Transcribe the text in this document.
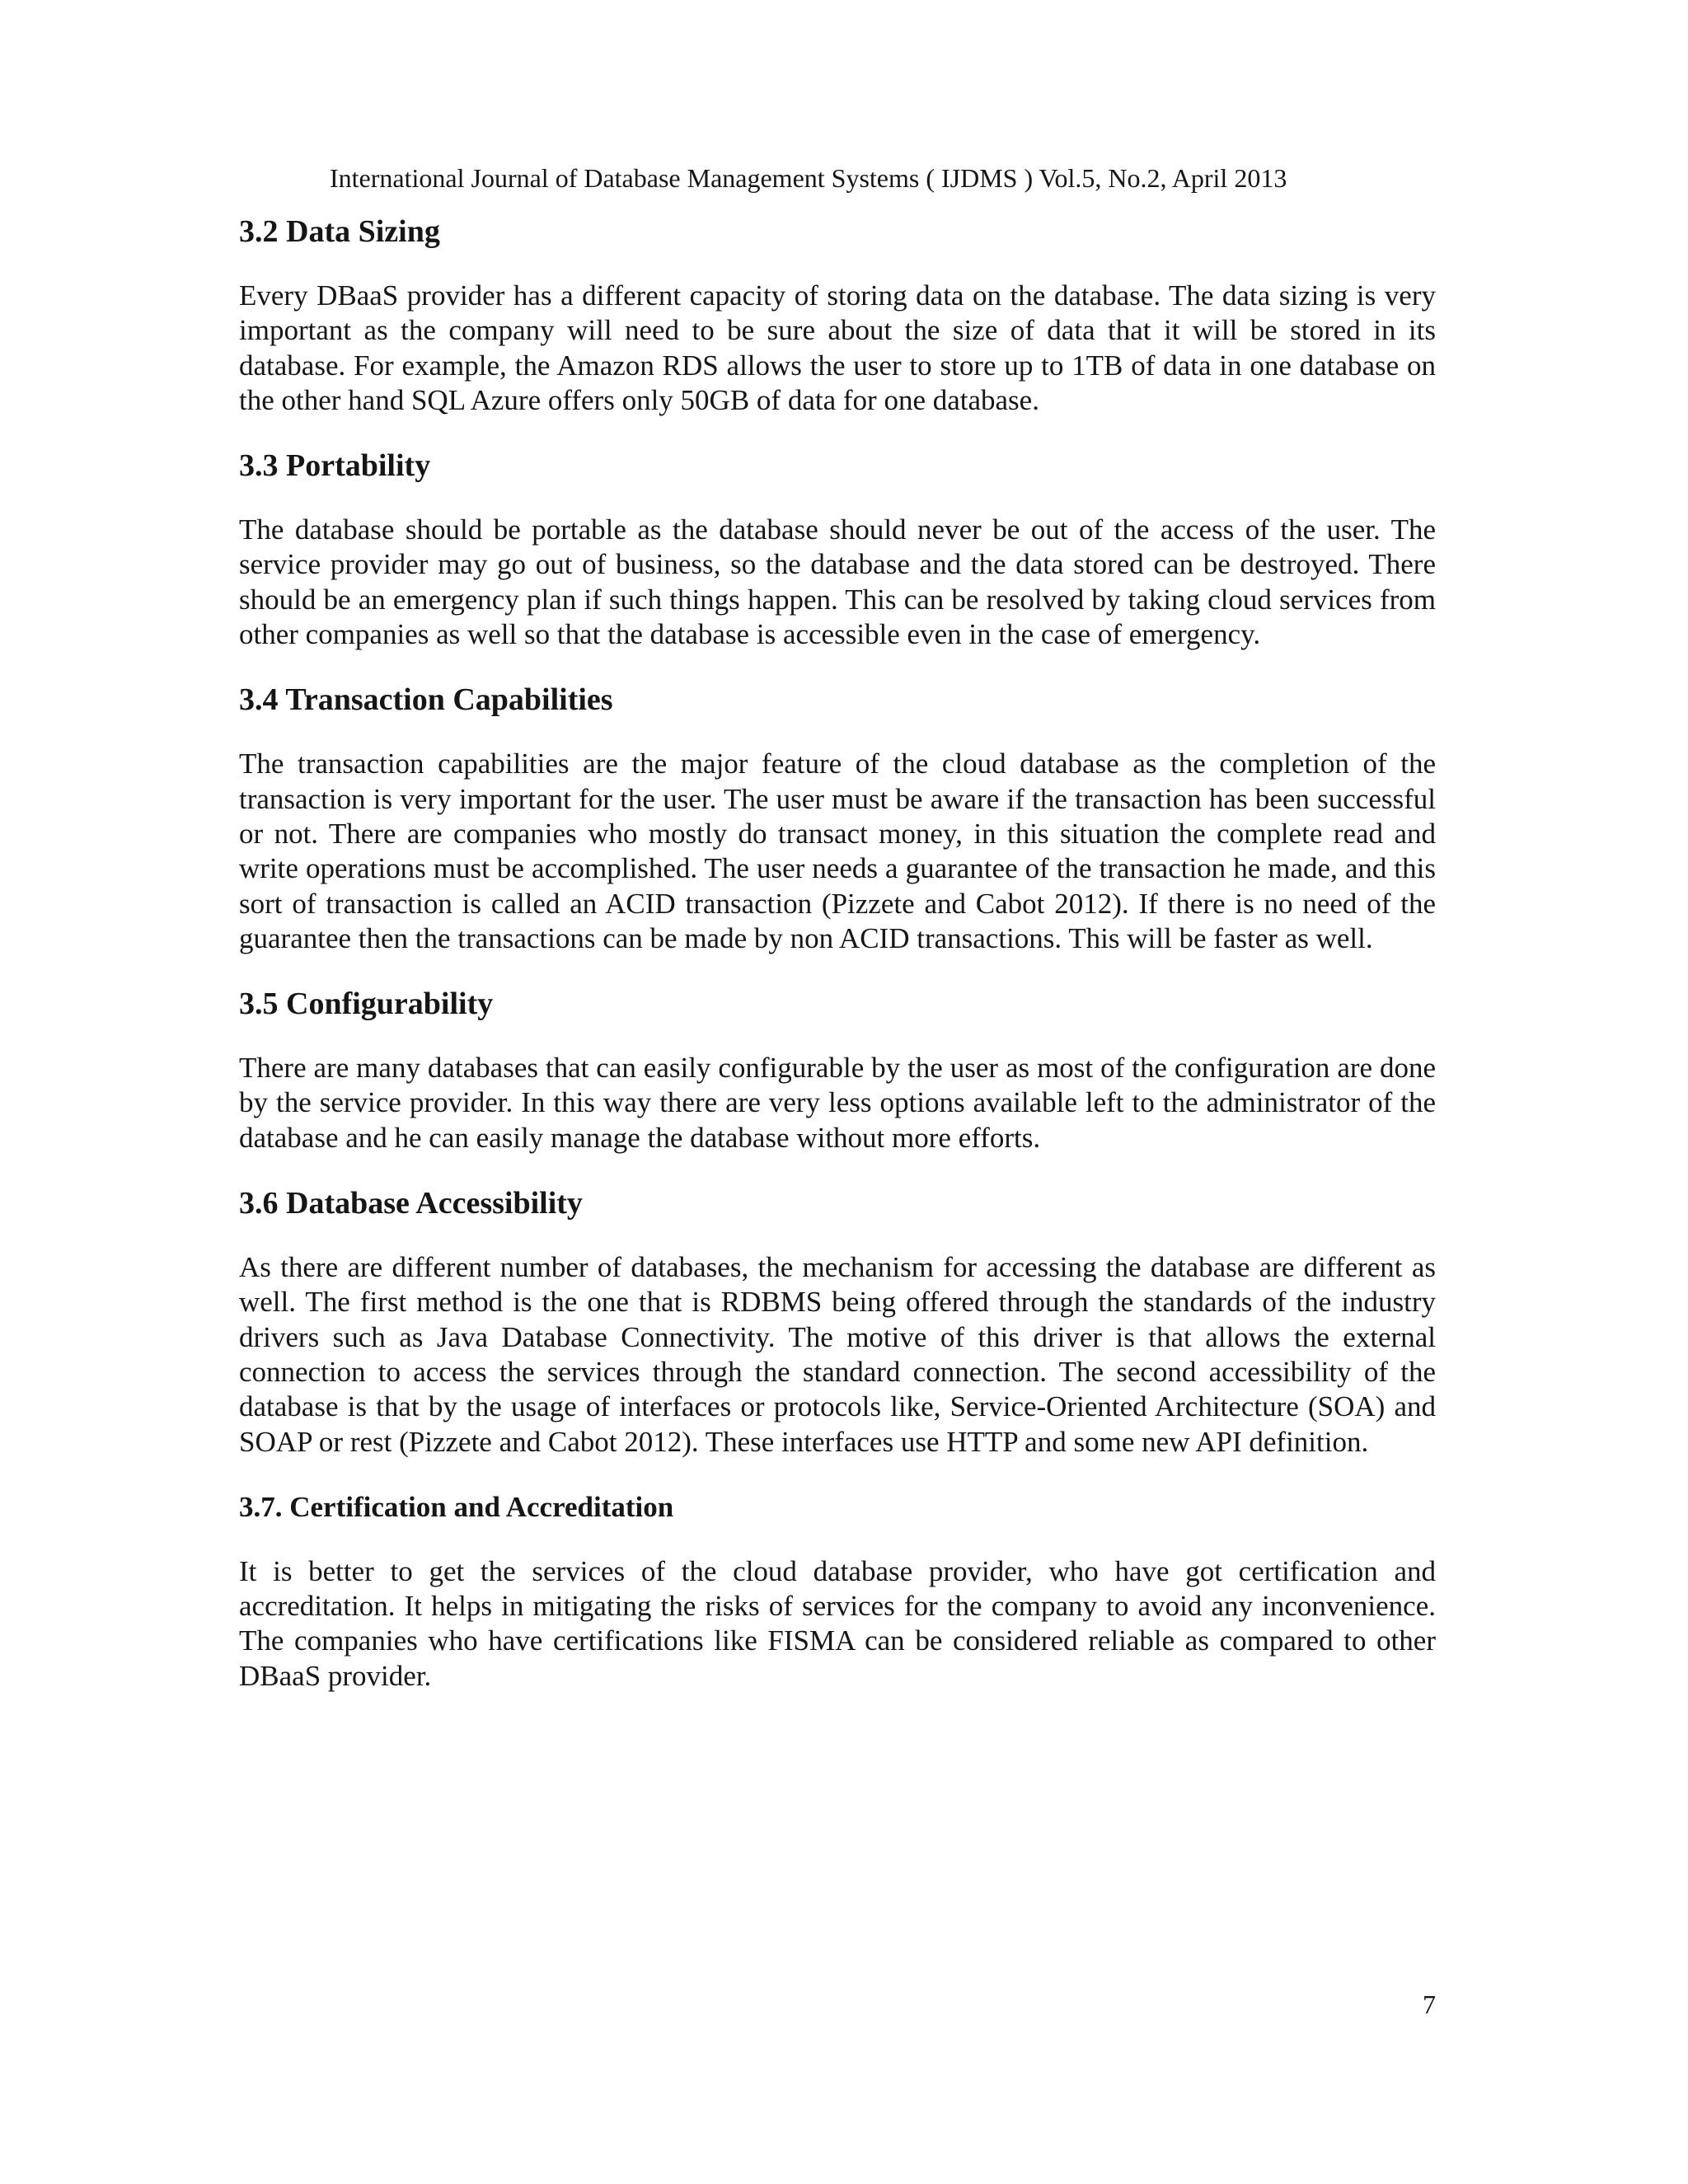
International Journal of Database Management Systems ( IJDMS ) Vol.5, No.2, April 2013
3.2 Data Sizing

Every DBaaS provider has a different capacity of storing data on the database. The data sizing is very important as the company will need to be sure about the size of data that it will be stored in its database. For example, the Amazon RDS allows the user to store up to 1TB of data in one database on the other hand SQL Azure offers only 50GB of data for one database.

3.3 Portability

The database should be portable as the database should never be out of the access of the user. The service provider may go out of business, so the database and the data stored can be destroyed. There should be an emergency plan if such things happen. This can be resolved by taking cloud services from other companies as well so that the database is accessible even in the case of emergency.

3.4 Transaction Capabilities

The transaction capabilities are the major feature of the cloud database as the completion of the transaction is very important for the user. The user must be aware if the transaction has been successful or not. There are companies who mostly do transact money, in this situation the complete read and write operations must be accomplished. The user needs a guarantee of the transaction he made, and this sort of transaction is called an ACID transaction (Pizzete and Cabot 2012). If there is no need of the guarantee then the transactions can be made by non ACID transactions. This will be faster as well.

3.5 Configurability

There are many databases that can easily configurable by the user as most of the configuration are done by the service provider. In this way there are very less options available left to the administrator of the database and he can easily manage the database without more efforts.

3.6 Database Accessibility

As there are different number of databases, the mechanism for accessing the database are different as well. The first method is the one that is RDBMS being offered through the standards of the industry drivers such as Java Database Connectivity. The motive of this driver is that allows the external connection to access the services through the standard connection. The second accessibility of the database is that by the usage of interfaces or protocols like, Service-Oriented Architecture (SOA) and SOAP or rest (Pizzete and Cabot 2012). These interfaces use HTTP and some new API definition.

3.7. Certification and Accreditation

It is better to get the services of the cloud database provider, who have got certification and accreditation. It helps in mitigating the risks of services for the company to avoid any inconvenience. The companies who have certifications like FISMA can be considered reliable as compared to other DBaaS provider.

7
